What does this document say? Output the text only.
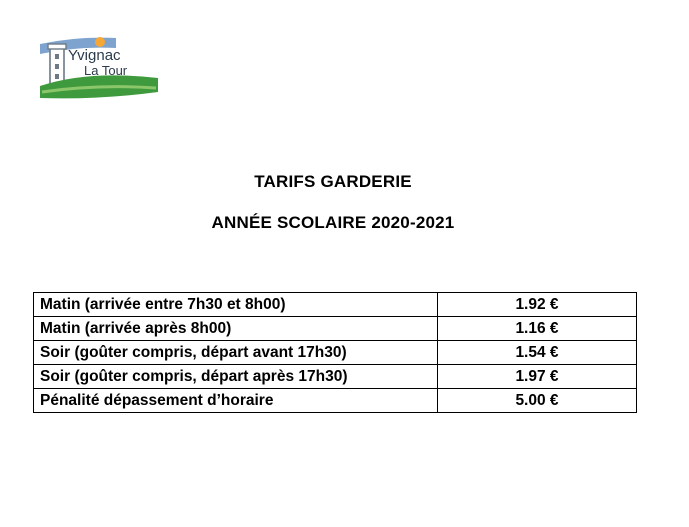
Yvignac
La Tour
TARIFS GARDERIE
ANNÉE SCOLAIRE 2020-2021
Matin (arrivée entre 7h30 et 8h00)	1.92 €
Matin (arrivée après 8h00)	1.16 €
Soir (goûter compris, départ avant 17h30)	1.54 €
Soir (goûter compris, départ après 17h30)	1.97 €
Pénalité dépassement d’horaire	5.00 €
